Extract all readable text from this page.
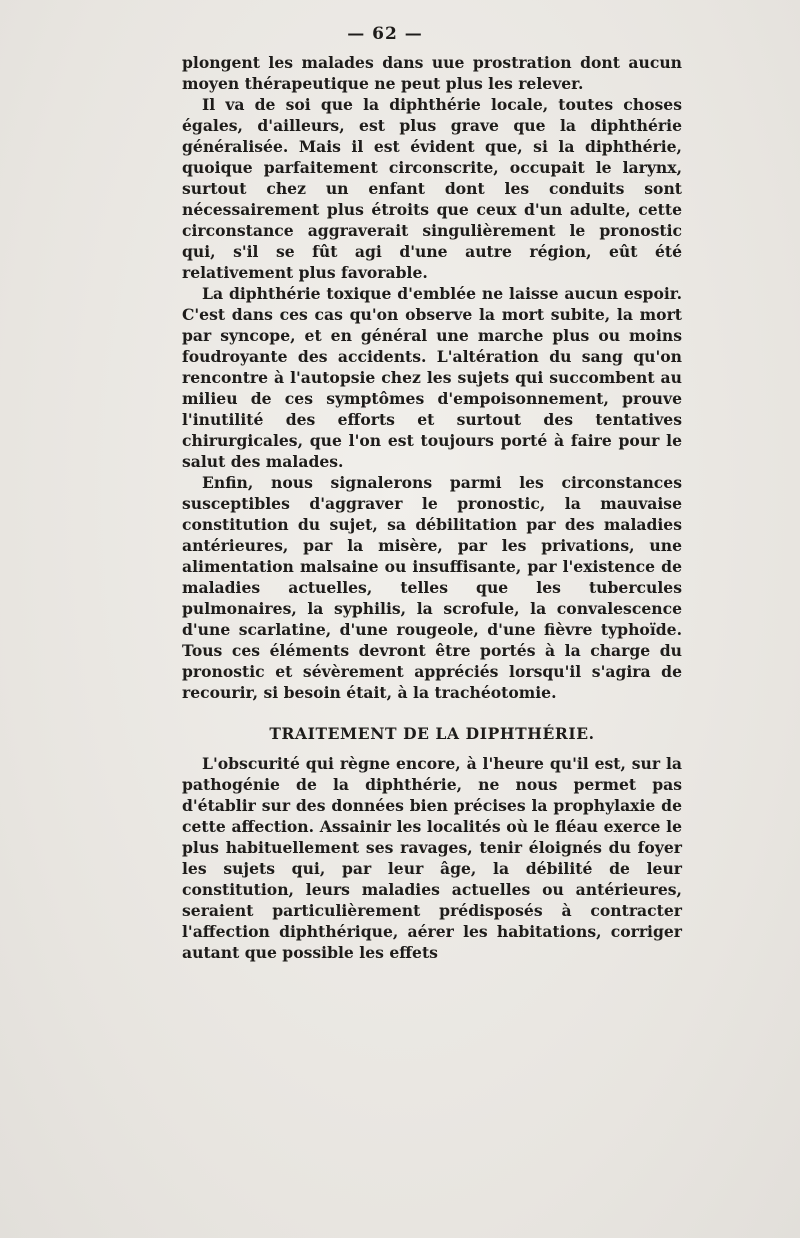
— 62 —

plongent les malades dans uue prostration dont aucun moyen thérapeutique ne peut plus les relever.

Il va de soi que la diphthérie locale, toutes choses égales, d'ailleurs, est plus grave que la diphthérie généralisée. Mais il est évident que, si la diphthérie, quoique parfaitement circonscrite, occupait le larynx, surtout chez un enfant dont les conduits sont nécessairement plus étroits que ceux d'un adulte, cette circonstance aggraverait singulièrement le pronostic qui, s'il se fût agi d'une autre région, eût été relativement plus favorable.

La diphthérie toxique d'emblée ne laisse aucun espoir. C'est dans ces cas qu'on observe la mort subite, la mort par syncope, et en général une marche plus ou moins foudroyante des accidents. L'altération du sang qu'on rencontre à l'autopsie chez les sujets qui succombent au milieu de ces symptômes d'empoisonnement, prouve l'inutilité des efforts et surtout des tentatives chirurgicales, que l'on est toujours porté à faire pour le salut des malades.

Enfin, nous signalerons parmi les circonstances susceptibles d'aggraver le pronostic, la mauvaise constitution du sujet, sa débilitation par des maladies antérieures, par la misère, par les privations, une alimentation malsaine ou insuffisante, par l'existence de maladies actuelles, telles que les tubercules pulmonaires, la syphilis, la scrofule, la convalescence d'une scarlatine, d'une rougeole, d'une fièvre typhoïde. Tous ces éléments devront être portés à la charge du pronostic et sévèrement appréciés lorsqu'il s'agira de recourir, si besoin était, à la trachéotomie.

TRAITEMENT DE LA DIPHTHÉRIE.

L'obscurité qui règne encore, à l'heure qu'il est, sur la pathogénie de la diphthérie, ne nous permet pas d'établir sur des données bien précises la prophylaxie de cette affection. Assainir les localités où le fléau exerce le plus habituellement ses ravages, tenir éloignés du foyer les sujets qui, par leur âge, la débilité de leur constitution, leurs maladies actuelles ou antérieures, seraient particulièrement prédisposés à contracter l'affection diphthérique, aérer les habitations, corriger autant que possible les effets
